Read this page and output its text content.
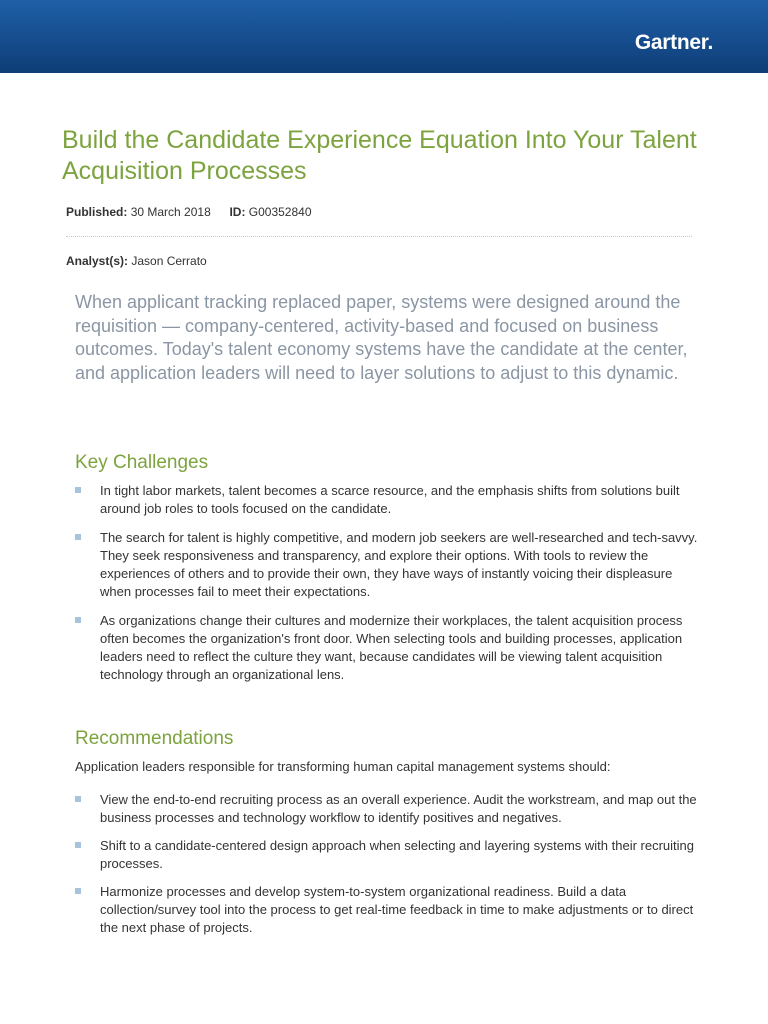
Gartner.
Build the Candidate Experience Equation Into Your Talent Acquisition Processes
Published: 30 March 2018 ID: G00352840
Analyst(s): Jason Cerrato

When applicant tracking replaced paper, systems were designed around the requisition — company-centered, activity-based and focused on business outcomes. Today's talent economy systems have the candidate at the center, and application leaders will need to layer solutions to adjust to this dynamic.

Key Challenges
In tight labor markets, talent becomes a scarce resource, and the emphasis shifts from solutions built around job roles to tools focused on the candidate.
The search for talent is highly competitive, and modern job seekers are well-researched and tech-savvy. They seek responsiveness and transparency, and explore their options. With tools to review the experiences of others and to provide their own, they have ways of instantly voicing their displeasure when processes fail to meet their expectations.
As organizations change their cultures and modernize their workplaces, the talent acquisition process often becomes the organization's front door. When selecting tools and building processes, application leaders need to reflect the culture they want, because candidates will be viewing talent acquisition technology through an organizational lens.
Recommendations

Application leaders responsible for transforming human capital management systems should:

View the end-to-end recruiting process as an overall experience. Audit the workstream, and map out the business processes and technology workflow to identify positives and negatives.
Shift to a candidate-centered design approach when selecting and layering systems with their recruiting processes.
Harmonize processes and develop system-to-system organizational readiness. Build a data collection/survey tool into the process to get real-time feedback in time to make adjustments or to direct the next phase of projects.
